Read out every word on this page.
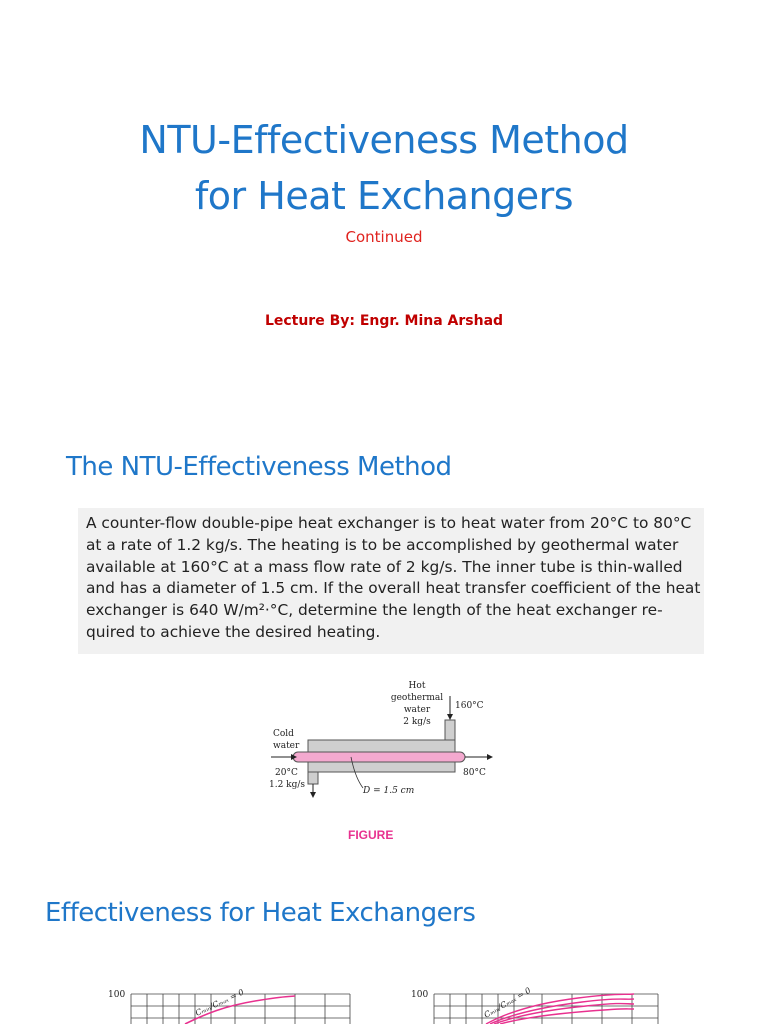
NTU-Effectiveness Method
for Heat Exchangers
Continued
Lecture By: Engr. Mina Arshad
The NTU-Effectiveness Method
A counter-flow double-pipe heat exchanger is to heat water from 20°C to 80°C
at a rate of 1.2 kg/s. The heating is to be accomplished by geothermal water
available at 160°C at a mass flow rate of 2 kg/s. The inner tube is thin-walled
and has a diameter of 1.5 cm. If the overall heat transfer coefficient of the heat
exchanger is 640 W/m²·°C, determine the length of the heat exchanger re-
quired to achieve the desired heating.
Hot
geothermal
water
2 kg/s
160°C
Cold
water
20°C
1.2 kg/s
80°C
D = 1.5 cm
FIGURE
Effectiveness for Heat Exchangers
100	Cₘᵢₙ/Cₘₐₓ = 0	100	Cₘᵢₙ/Cₘₐₓ = 0
